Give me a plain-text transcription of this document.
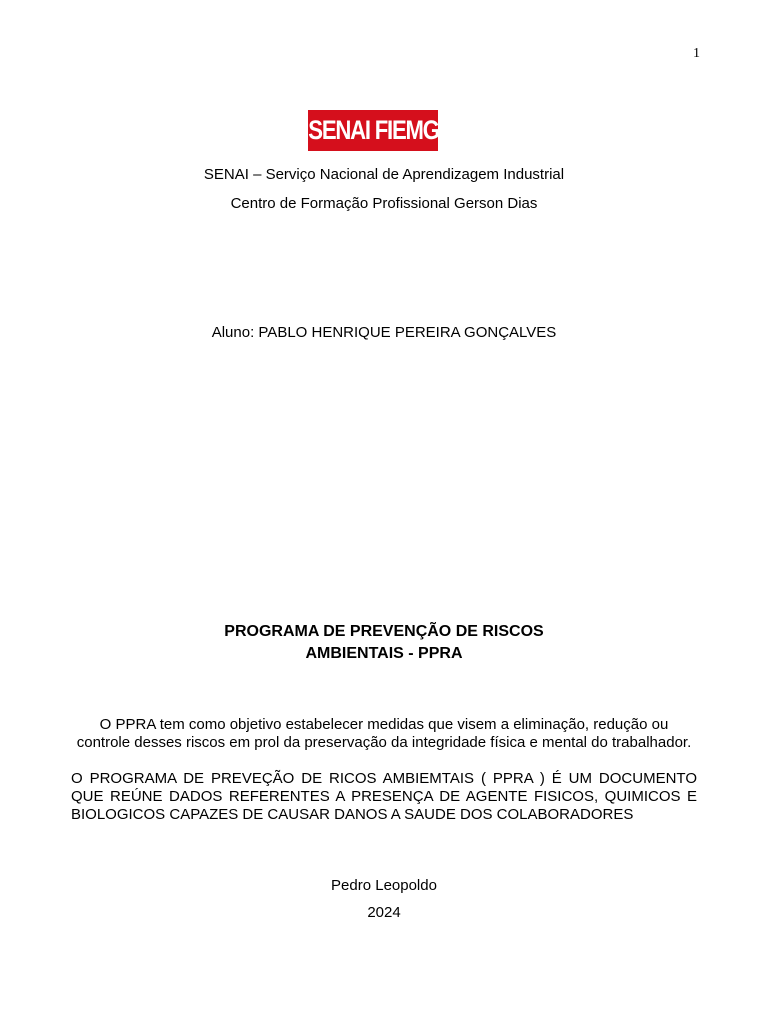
1
SENAI FIEMG
SENAI – Serviço Nacional de Aprendizagem Industrial
Centro de Formação Profissional Gerson Dias
Aluno: PABLO HENRIQUE PEREIRA GONÇALVES
PROGRAMA DE PREVENÇÃO DE RISCOS
AMBIENTAIS - PPRA
O PPRA tem como objetivo estabelecer medidas que visem a eliminação, redução ou controle desses riscos em prol da preservação da integridade física e mental do trabalhador.
O PROGRAMA DE PREVEÇÃO DE RICOS AMBIEMTAIS ( PPRA ) É UM DOCUMENTO QUE REÚNE DADOS REFERENTES A PRESENÇA DE AGENTE FISICOS, QUIMICOS E BIOLOGICOS CAPAZES DE CAUSAR DANOS A SAUDE DOS COLABORADORES
Pedro Leopoldo
2024
